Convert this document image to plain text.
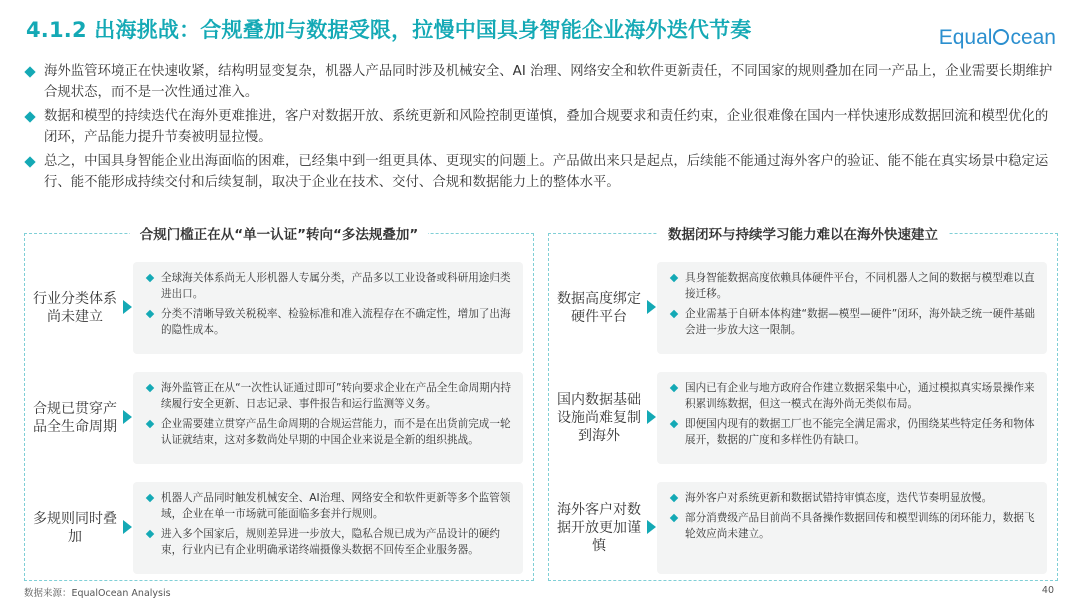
4.1.2 出海挑战：合规叠加与数据受限，拉慢中国具身智能企业海外迭代节奏	Equal cean
海外监管环境正在快速收紧，结构明显变复杂，机器人产品同时涉及机械安全、AI 治理、网络安全和软件更新责任，不同国家的规则叠加在同一产品上，企业需要长期维护合规状态，而不是一次性通过准入。
数据和模型的持续迭代在海外更难推进，客户对数据开放、系统更新和风险控制更谨慎，叠加合规要求和责任约束，企业很难像在国内一样快速形成数据回流和模型优化的闭环，产品能力提升节奏被明显拉慢。
总之，中国具身智能企业出海面临的困难，已经集中到一组更具体、更现实的问题上。产品做出来只是起点，后续能不能通过海外客户的验证、能不能在真实场景中稳定运行、能不能形成持续交付和后续复制，取决于企业在技术、交付、合规和数据能力上的整体水平。
合规门槛正在从“单一认证”转向“多法规叠加”
行业分类体系尚未建立
全球海关体系尚无人形机器人专属分类，产品多以工业设备或科研用途归类进出口。
分类不清晰导致关税税率、检验标准和准入流程存在不确定性，增加了出海的隐性成本。
合规已贯穿产品全生命周期
海外监管正在从“一次性认证通过即可”转向要求企业在产品全生命周期内持续履行安全更新、日志记录、事件报告和运行监测等义务。
企业需要建立贯穿产品生命周期的合规运营能力，而不是在出货前完成一轮认证就结束，这对多数尚处早期的中国企业来说是全新的组织挑战。
多规则同时叠加
机器人产品同时触发机械安全、AI治理、网络安全和软件更新等多个监管领域，企业在单一市场就可能面临多套并行规则。
进入多个国家后，规则差异进一步放大，隐私合规已成为产品设计的硬约束，行业内已有企业明确承诺终端摄像头数据不回传至企业服务器。
数据闭环与持续学习能力难以在海外快速建立
数据高度绑定硬件平台
具身智能数据高度依赖具体硬件平台，不同机器人之间的数据与模型难以直接迁移。
企业需基于自研本体构建“数据—模型—硬件”闭环，海外缺乏统一硬件基础会进一步放大这一限制。
国内数据基础设施尚难复制到海外
国内已有企业与地方政府合作建立数据采集中心，通过模拟真实场景操作来积累训练数据，但这一模式在海外尚无类似布局。
即便国内现有的数据工厂也不能完全满足需求，仍围绕某些特定任务和物体展开，数据的广度和多样性仍有缺口。
海外客户对数据开放更加谨慎
海外客户对系统更新和数据试错持审慎态度，迭代节奏明显放慢。
部分消费级产品目前尚不具备操作数据回传和模型训练的闭环能力，数据飞轮效应尚未建立。
数据来源：EqualOcean Analysis	40
